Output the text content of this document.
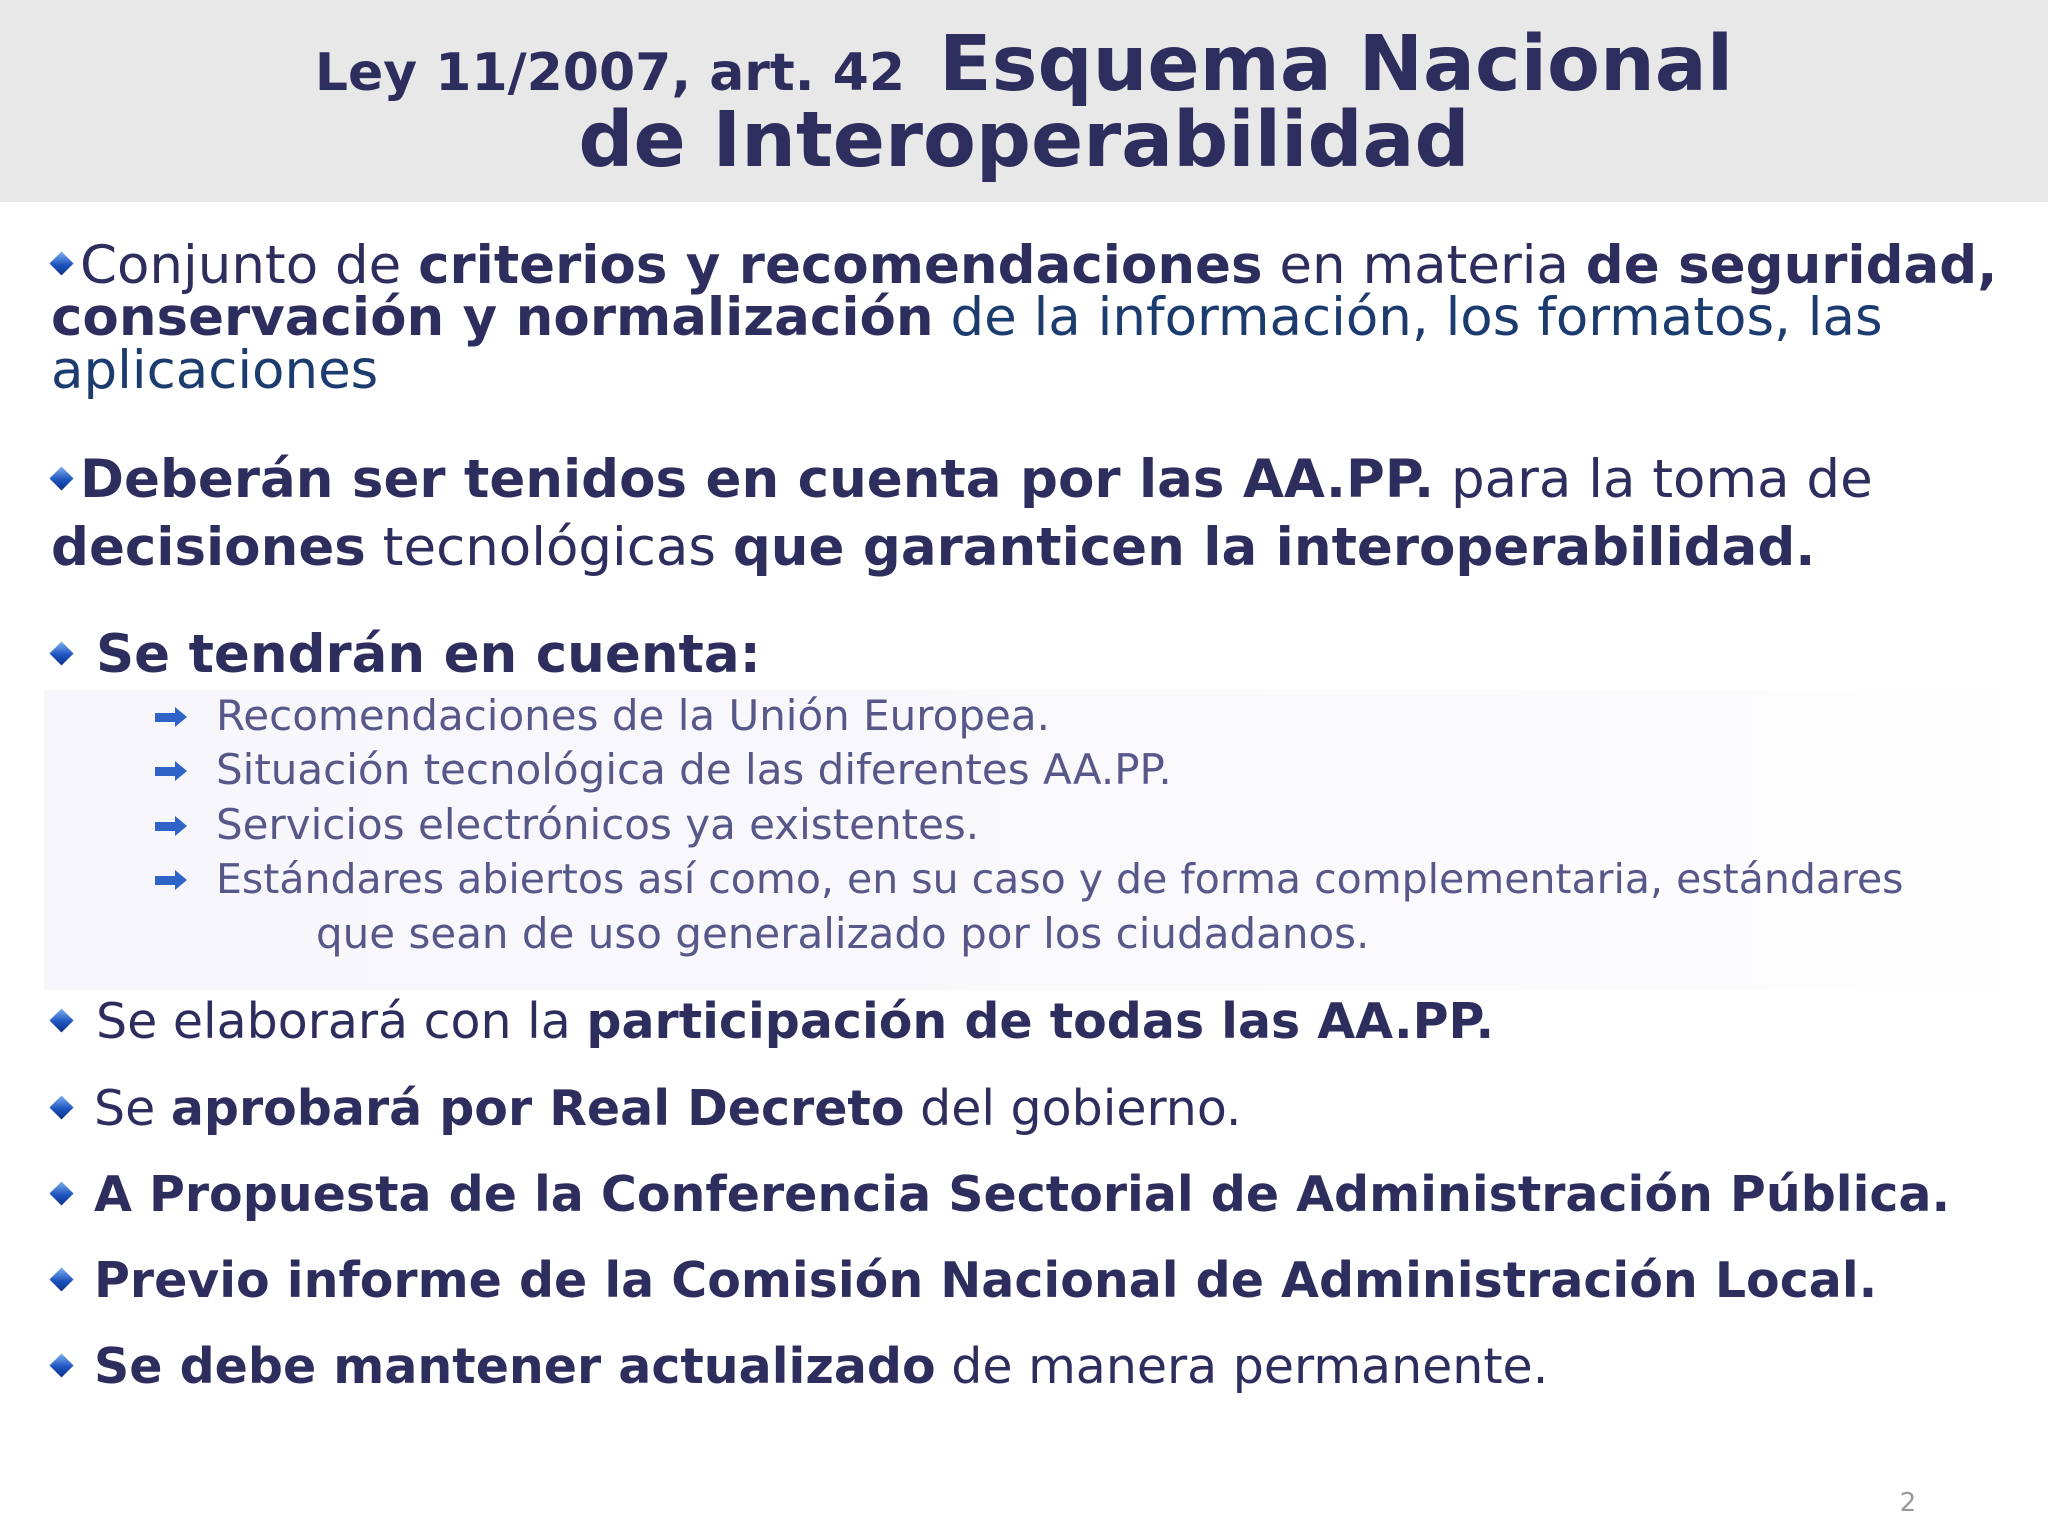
Ley 11/2007, art. 42 Esquema Nacional
de Interoperabilidad
Conjunto de criterios y recomendaciones en materia de seguridad,
conservación y normalización de la información, los formatos, las
aplicaciones
Deberán ser tenidos en cuenta por las AA.PP. para la toma de
decisiones tecnológicas que garanticen la interoperabilidad.
Se tendrán en cuenta:
Recomendaciones de la Unión Europea.
Situación tecnológica de las diferentes AA.PP.
Servicios electrónicos ya existentes.
Estándares abiertos así como, en su caso y de forma complementaria, estándares
que sean de uso generalizado por los ciudadanos.
Se elaborará con la participación de todas las AA.PP.
Se aprobará por Real Decreto del gobierno.
A Propuesta de la Conferencia Sectorial de Administración Pública.
Previo informe de la Comisión Nacional de Administración Local.
Se debe mantener actualizado de manera permanente.
2
